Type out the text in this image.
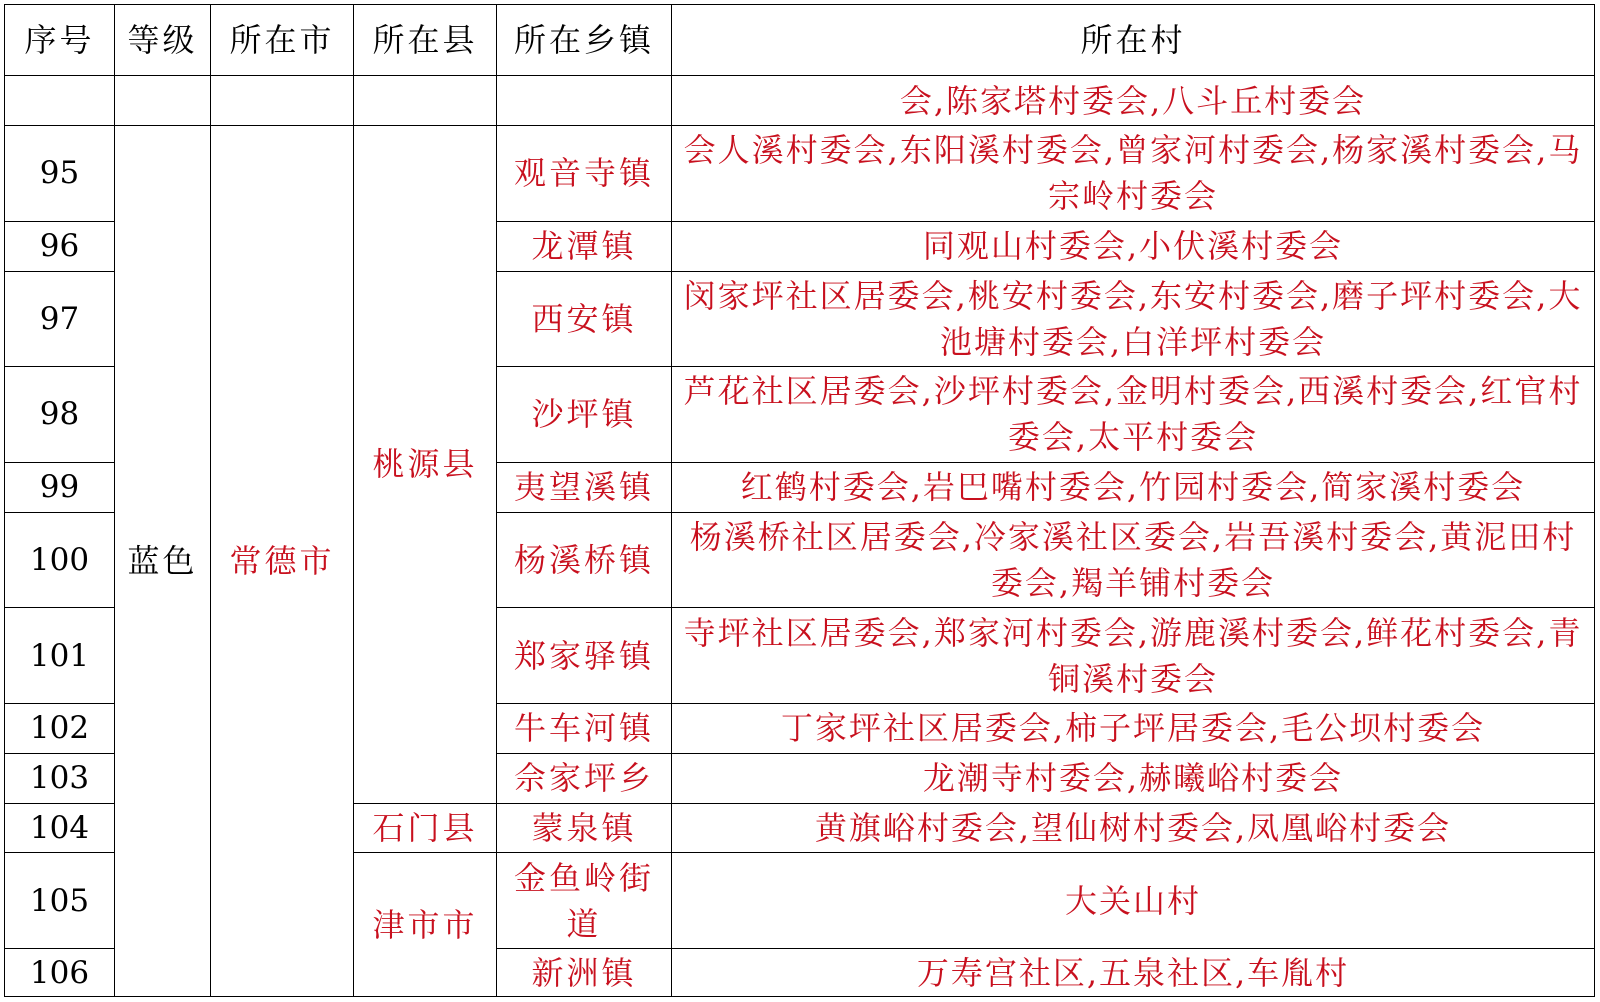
序号	等级	所在市	所在县	所在乡镇	所在村
					会,陈家塔村委会,八斗丘村委会
95	蓝色	常德市	桃源县	观音寺镇	会人溪村委会,东阳溪村委会,曾家河村委会,杨家溪村委会,马宗岭村委会
96				龙潭镇	同观山村委会,小伏溪村委会
97				西安镇	闵家坪社区居委会,桃安村委会,东安村委会,磨子坪村委会,大池塘村委会,白洋坪村委会
98				沙坪镇	芦花社区居委会,沙坪村委会,金明村委会,西溪村委会,红官村委会,太平村委会
99				夷望溪镇	红鹤村委会,岩巴嘴村委会,竹园村委会,简家溪村委会
100				杨溪桥镇	杨溪桥社区居委会,冷家溪社区委会,岩吾溪村委会,黄泥田村委会,羯羊铺村委会
101				郑家驿镇	寺坪社区居委会,郑家河村委会,游鹿溪村委会,鲜花村委会,青铜溪村委会
102				牛车河镇	丁家坪社区居委会,柿子坪居委会,毛公坝村委会
103				佘家坪乡	龙潮寺村委会,赫曦峪村委会
104			石门县	蒙泉镇	黄旗峪村委会,望仙树村委会,凤凰峪村委会
105			津市市	金鱼岭街道	大关山村
106				新洲镇	万寿宫社区,五泉社区,车胤村
